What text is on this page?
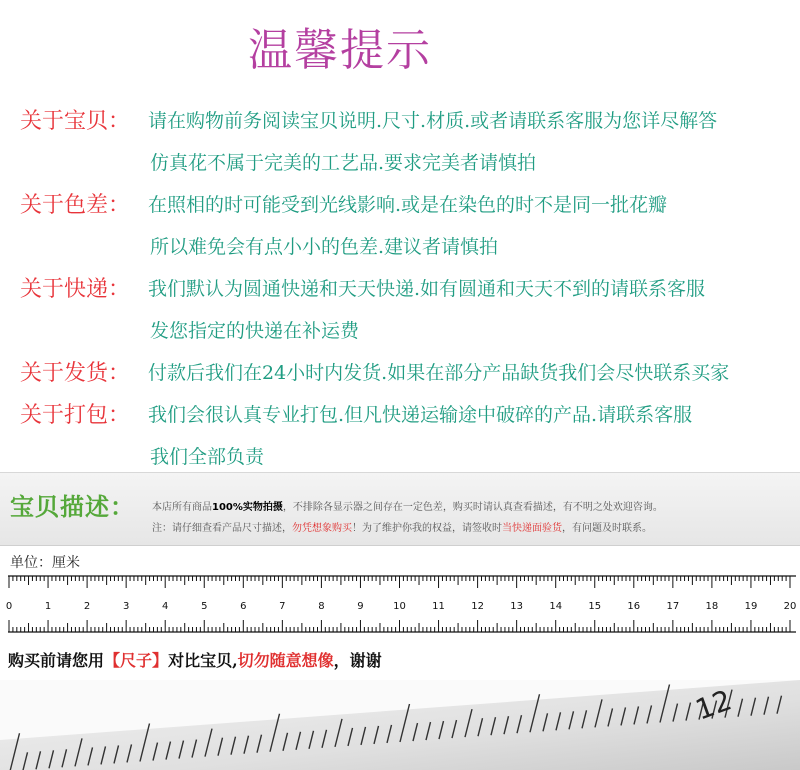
温馨提示
关于宝贝： 请在购物前务阅读宝贝说明.尺寸.材质.或者请联系客服为您详尽解答
仿真花不属于完美的工艺品.要求完美者请慎拍
关于色差： 在照相的时可能受到光线影响.或是在染色的时不是同一批花瓣
所以难免会有点小小的色差.建议者请慎拍
关于快递： 我们默认为圆通快递和天天快递.如有圆通和天天不到的请联系客服
发您指定的快递在补运费
关于发货： 付款后我们在24小时内发货.如果在部分产品缺货我们会尽快联系买家
关于打包： 我们会很认真专业打包.但凡快递运输途中破碎的产品.请联系客服
我们全部负责
宝贝描述： 本店所有商品100%实物拍摄，不排除各显示器之间存在一定色差，购买时请认真查看描述，有不明之处欢迎咨询。
注：请仔细查看产品尺寸描述，勿凭想象购买！为了维护你我的权益，请签收时当快递面验货，有问题及时联系。
单位：厘米
0	1	2	3	4	5	6	7	8	9	10	11	12	13	14	15	16	17	18	19	20
购买前请您用【尺子】对比宝贝,切勿随意想像，谢谢
12
